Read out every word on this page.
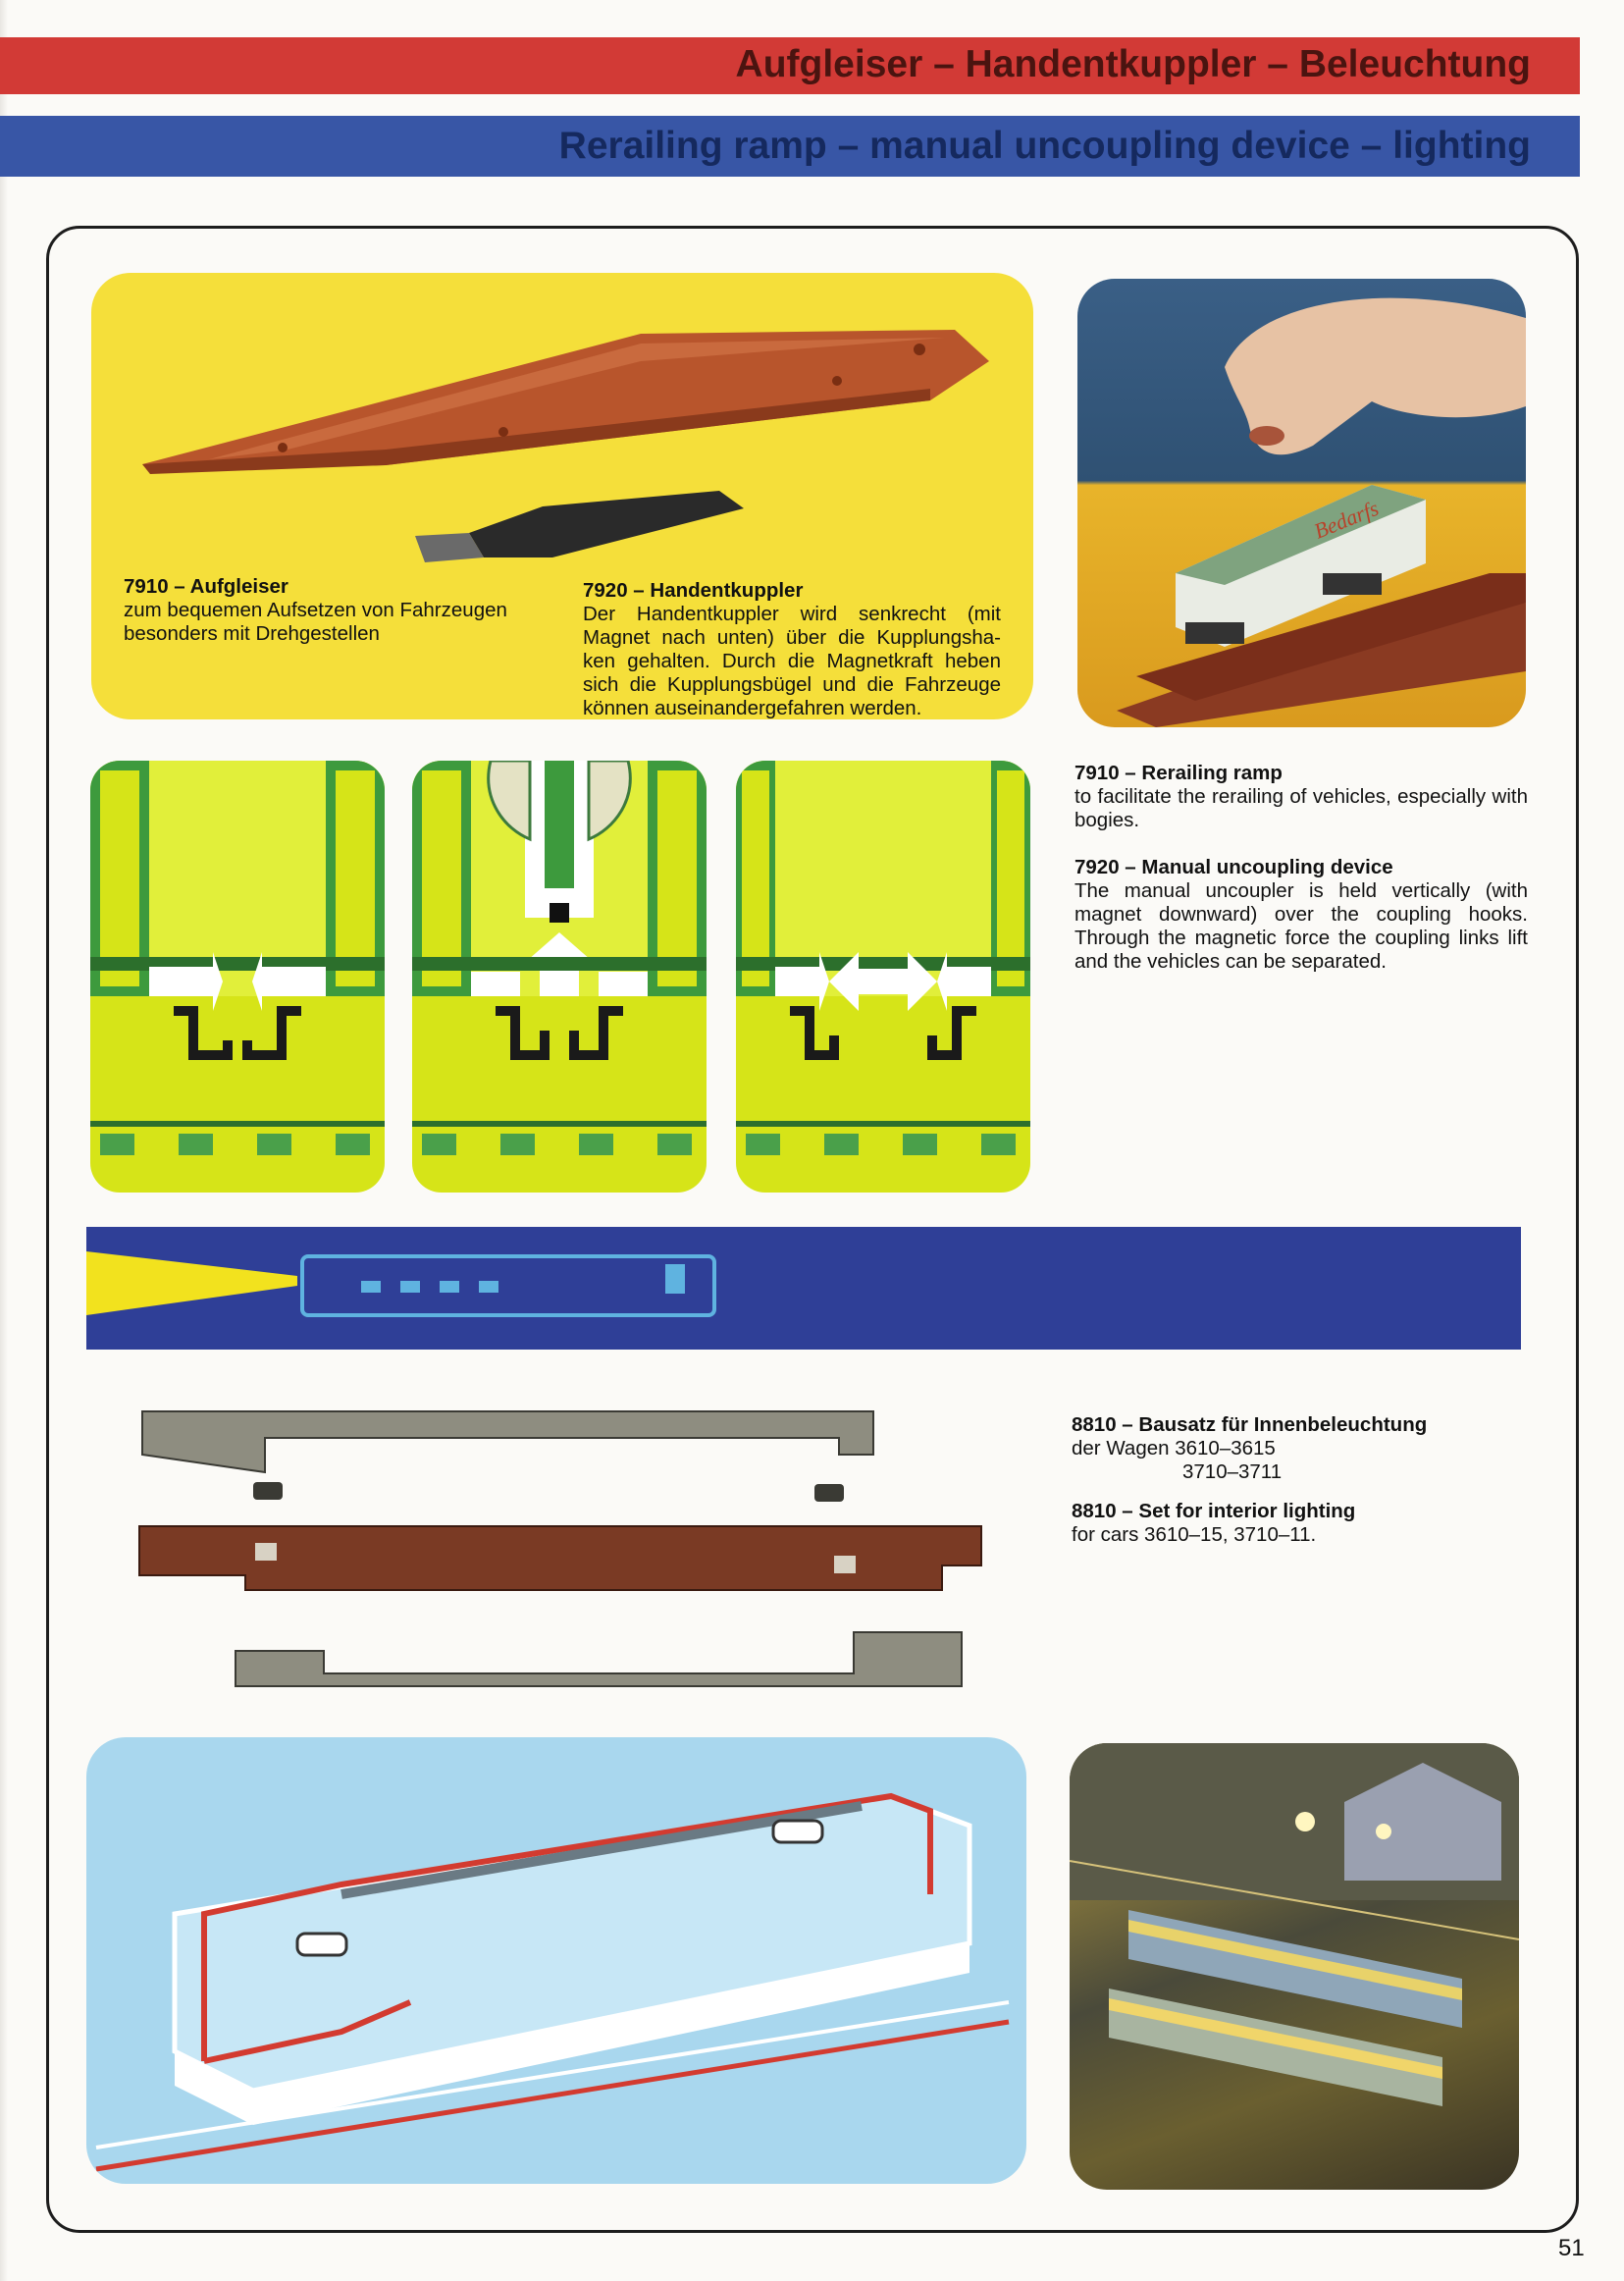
Aufgleiser – Handentkuppler – Beleuchtung
Rerailing ramp – manual uncoupling device – lighting
7910 – Aufgleiser
zum bequemen Aufsetzen von Fahrzeugen besonders mit Drehgestellen
7920 – Handentkuppler
Der Handentkuppler wird senkrecht (mit Magnet nach unten) über die Kupplungsha-ken gehalten. Durch die Magnetkraft heben sich die Kupplungsbügel und die Fahrzeuge können auseinandergefahren werden.
Bedarfs
7910 – Rerailing ramp
to facilitate the rerailing of vehicles, especially with bogies.
7920 – Manual uncoupling device
The manual uncoupler is held vertically (with magnet downward) over the coupling hooks. Through the magnetic force the coupling links lift and the vehicles can be separated.
8810 – Bausatz für Innenbeleuchtung
der Wagen 3610–3615
3710–3711
8810 – Set for interior lighting
for cars 3610–15, 3710–11.
51
